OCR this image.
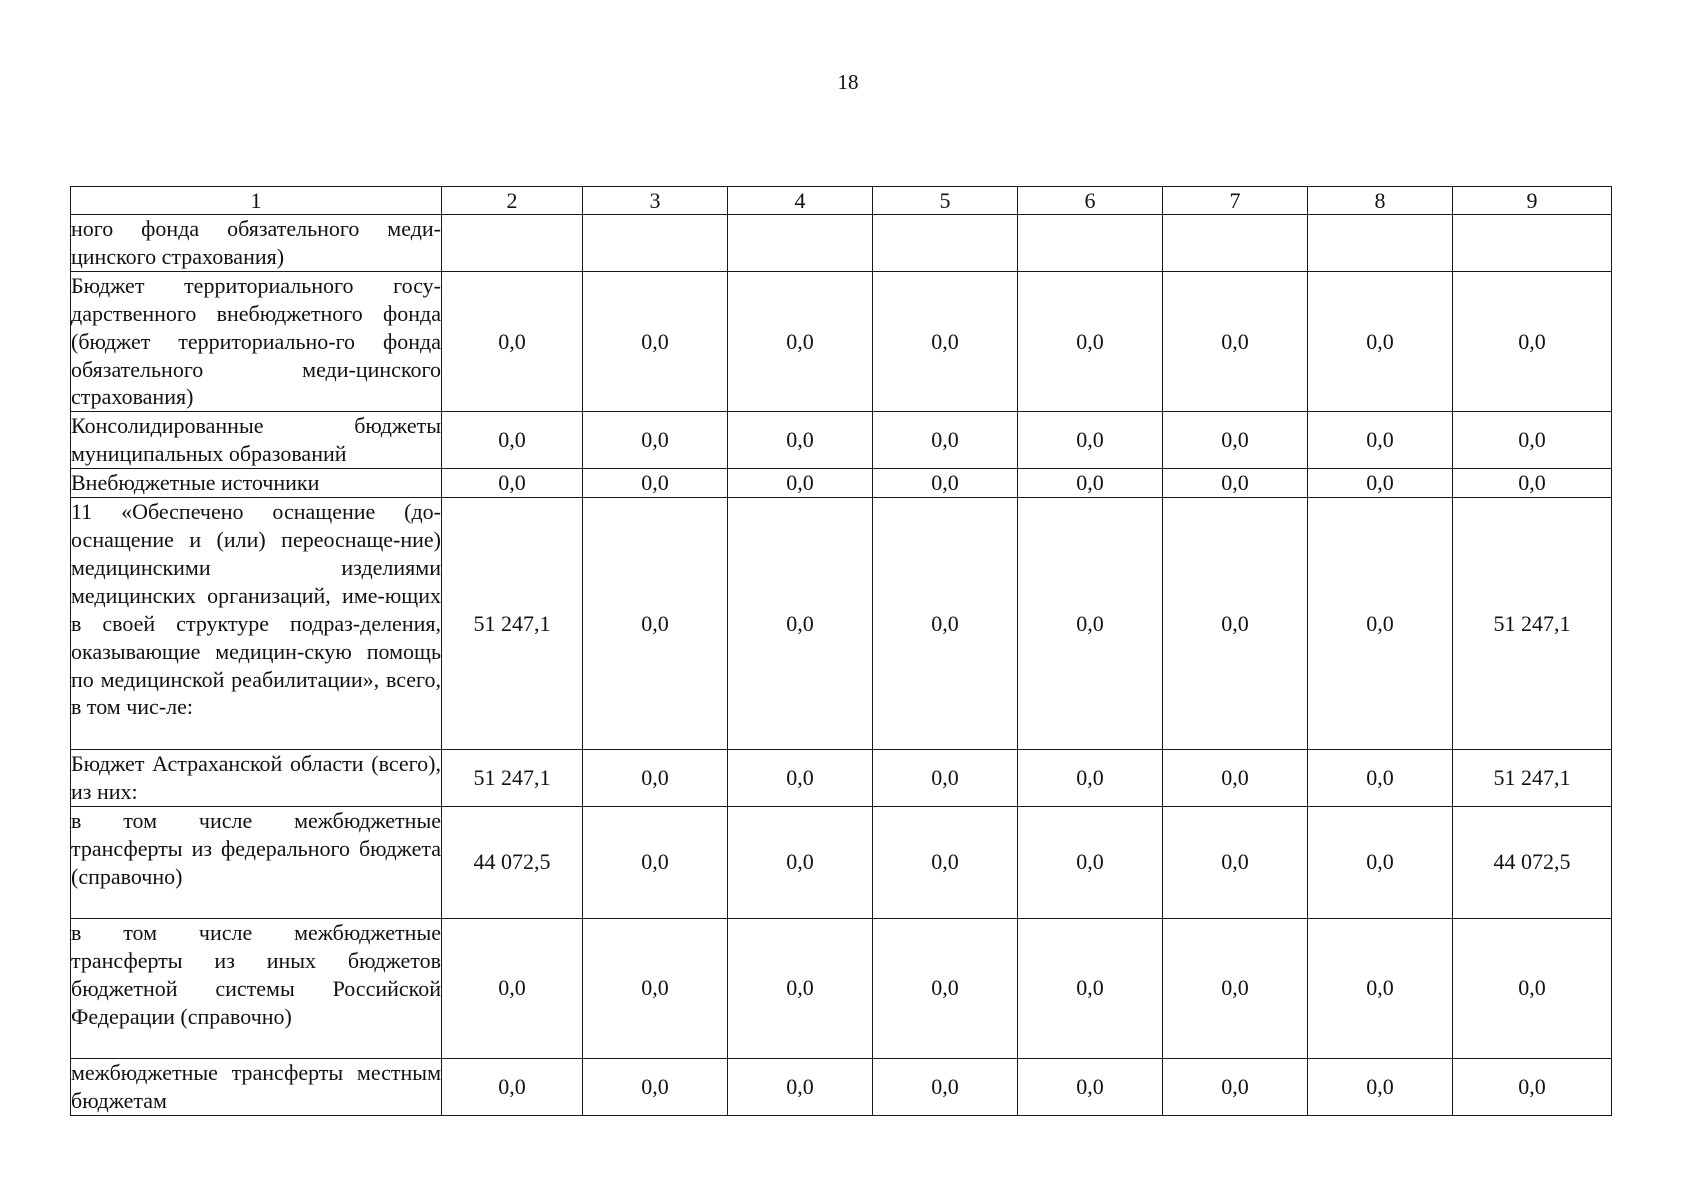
18
1	2	3	4	5	6	7	8	9
ного фонда обязательного меди-цинского страхования)								
Бюджет территориального госу-дарственного внебюджетного фонда (бюджет территориально-го фонда обязательного меди-цинского страхования)	0,0	0,0	0,0	0,0	0,0	0,0	0,0	0,0
Консолидированные бюджеты муниципальных образований	0,0	0,0	0,0	0,0	0,0	0,0	0,0	0,0
Внебюджетные источники	0,0	0,0	0,0	0,0	0,0	0,0	0,0	0,0
11 «Обеспечено оснащение (до-оснащение и (или) переоснаще-ние) медицинскими изделиями медицинских организаций, име-ющих в своей структуре подраз-деления, оказывающие медицин-скую помощь по медицинской реабилитации», всего, в том чис-ле:	51 247,1	0,0	0,0	0,0	0,0	0,0	0,0	51 247,1
Бюджет Астраханской области (всего), из них:	51 247,1	0,0	0,0	0,0	0,0	0,0	0,0	51 247,1
в том числе межбюджетные трансферты из федерального бюджета (справочно)	44 072,5	0,0	0,0	0,0	0,0	0,0	0,0	44 072,5
в том числе межбюджетные трансферты из иных бюджетов бюджетной системы Российской Федерации (справочно)	0,0	0,0	0,0	0,0	0,0	0,0	0,0	0,0
межбюджетные трансферты местным бюджетам	0,0	0,0	0,0	0,0	0,0	0,0	0,0	0,0
